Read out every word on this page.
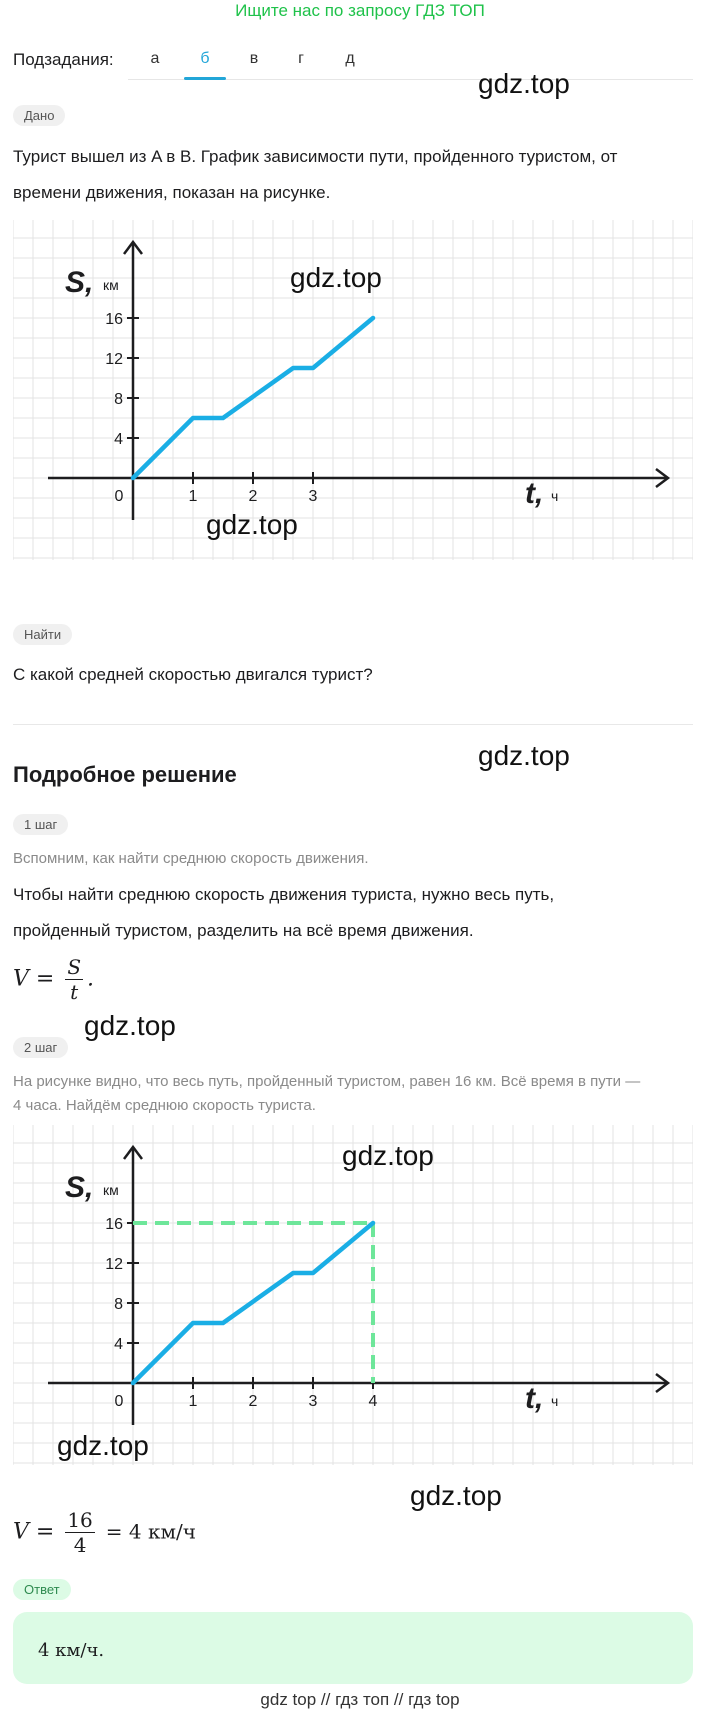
Ищите нас по запросу ГДЗ ТОП
Подзадания:	а	б	в	г	д
gdz.top
Дано
Турист вышел из A в B. График зависимости пути, пройденного туристом, от
времени движения, показан на рисунке.
4
8
12
16
0	1	2	3
S, км
t, ч
gdz.top
gdz.top
Найти
С какой средней скоростью двигался турист?
gdz.top
Подробное решение
1 шаг
Вспомним, как найти среднюю скорость движения.
Чтобы найти среднюю скорость движения туриста, нужно весь путь,
пройденный туристом, разделить на всё время движения.
$V = \frac{S}{t}$ .
gdz.top
2 шаг
На рисунке видно, что весь путь, пройденный туристом, равен 16 км. Всё время в пути —
4 часа. Найдём среднюю скорость туриста.
4
8
12
16
0	1	2	3	4
S, км
t, ч
gdz.top
gdz.top
gdz.top
$V = \frac{16}{4} = 4$ км/ч
Ответ
4 км/ч.
gdz top // гдз топ // гдз top
